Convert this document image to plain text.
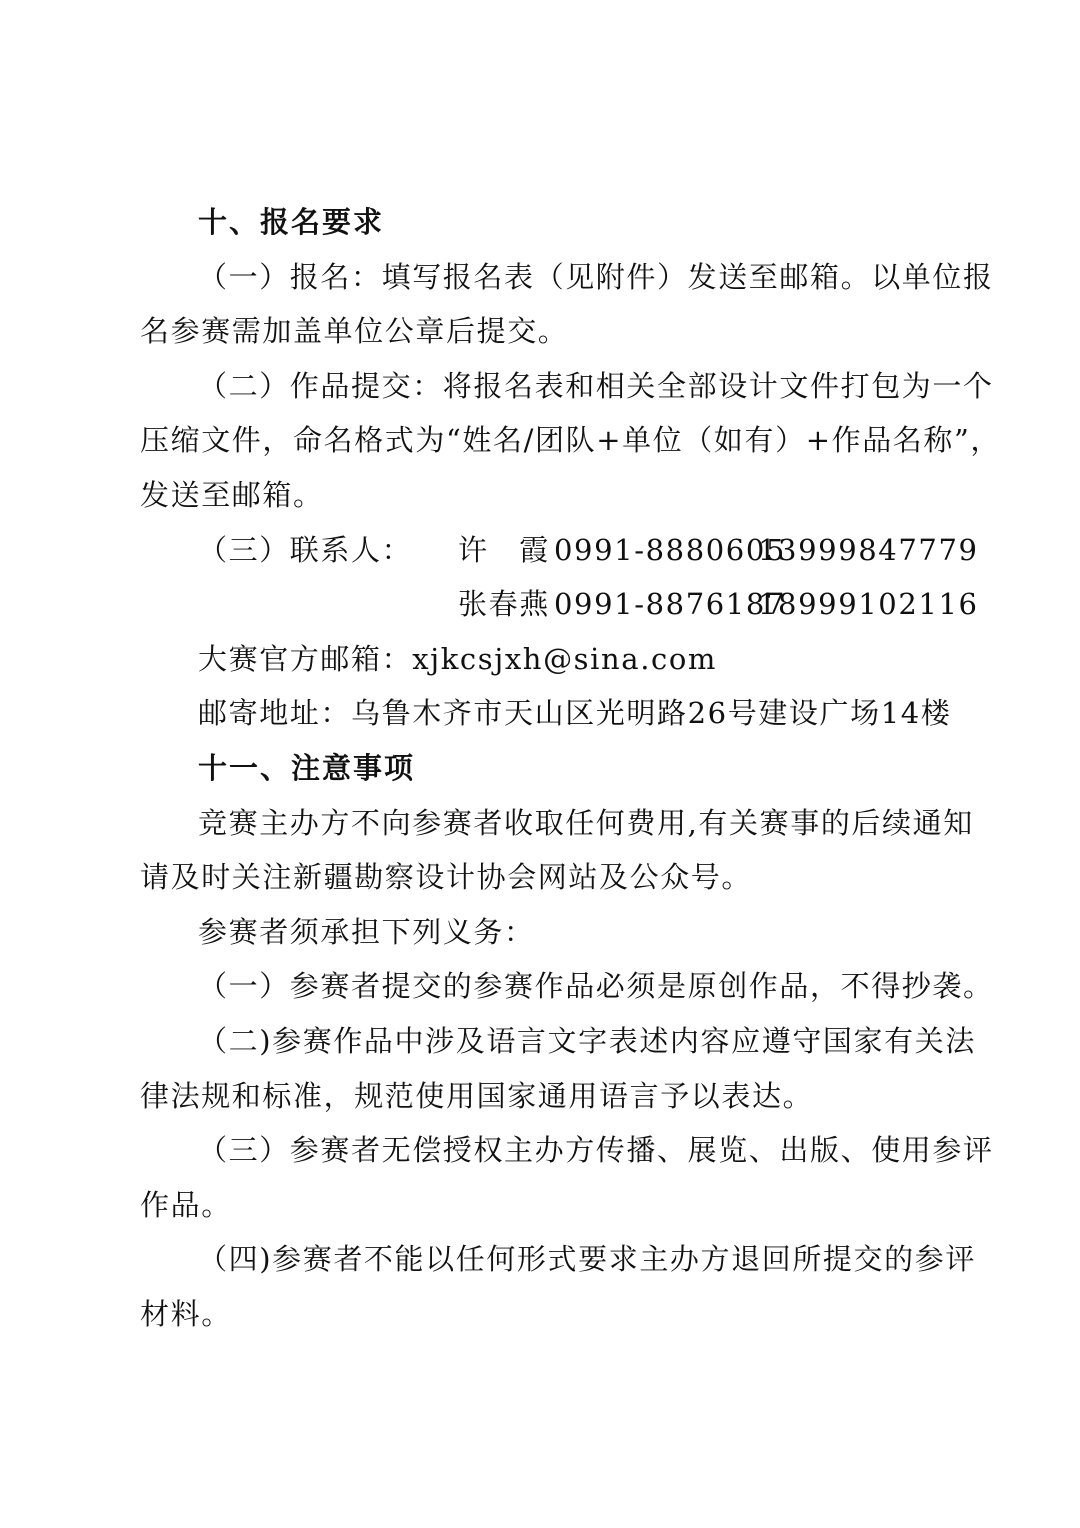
十、报名要求
（一）报名：填写报名表（见附件）发送至邮箱。以单位报
名参赛需加盖单位公章后提交。
（二）作品提交：将报名表和相关全部设计文件打包为一个
压缩文件，命名格式为“姓名/团队+单位（如有）+作品名称”，
发送至邮箱。
（三）联系人：	许　霞 0991-8880605
13999847779
张春燕 0991-8876187
18999102116
大赛官方邮箱：xjkcsjxh@sina.com
邮寄地址：乌鲁木齐市天山区光明路26号建设广场14楼
十一、注意事项
竞赛主办方不向参赛者收取任何费用,有关赛事的后续通知
请及时关注新疆勘察设计协会网站及公众号。
参赛者须承担下列义务：
（一）参赛者提交的参赛作品必须是原创作品，不得抄袭。
（二)参赛作品中涉及语言文字表述内容应遵守国家有关法
律法规和标准，规范使用国家通用语言予以表达。
（三）参赛者无偿授权主办方传播、展览、出版、使用参评
作品。
（四)参赛者不能以任何形式要求主办方退回所提交的参评
材料。
